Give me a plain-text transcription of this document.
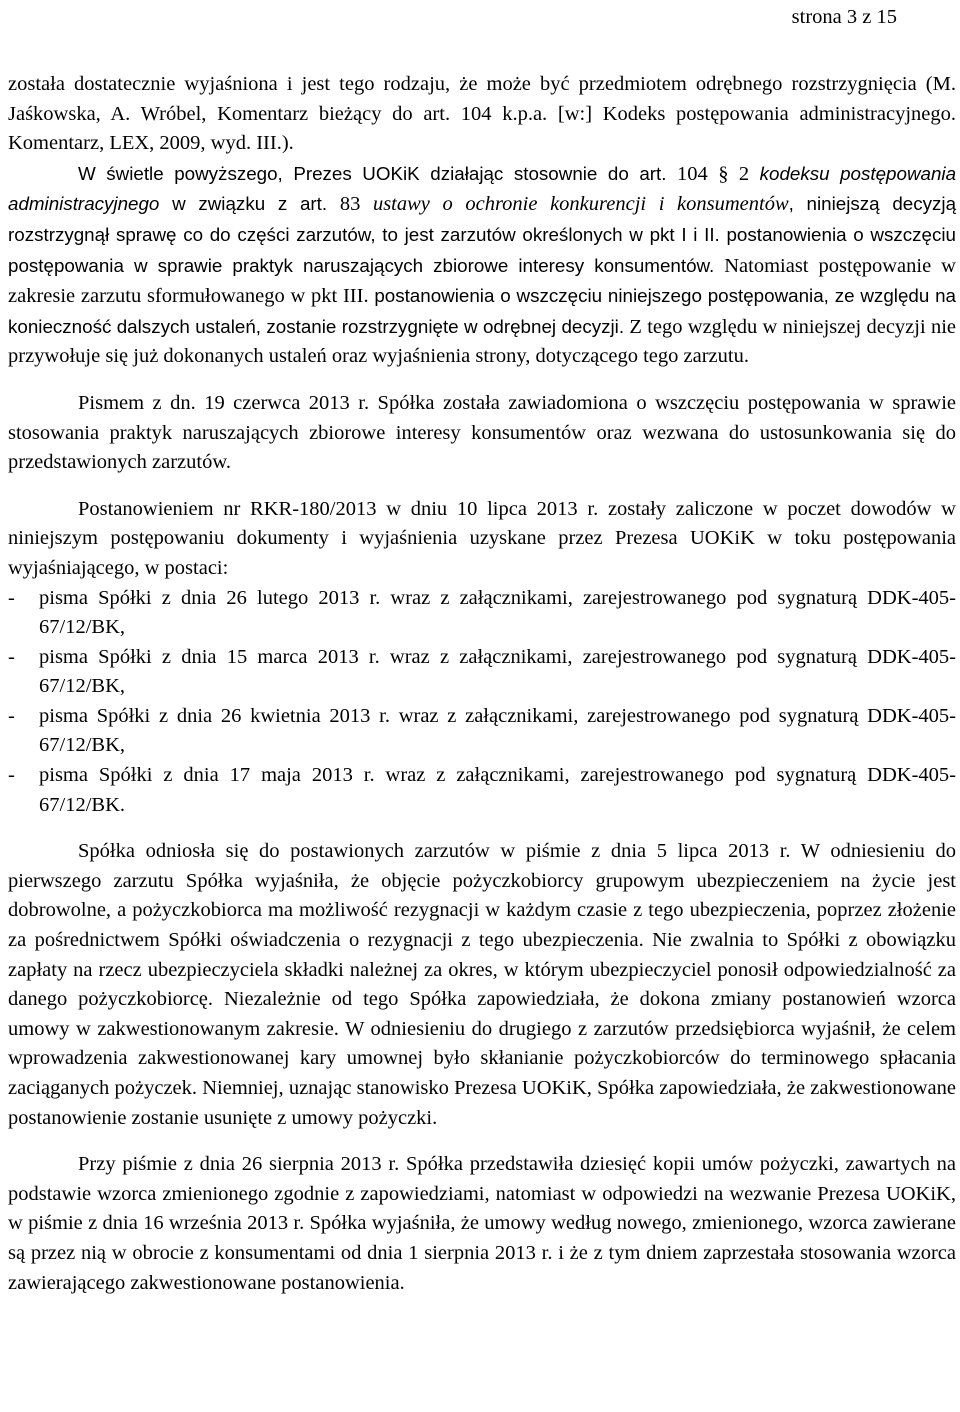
strona 3 z 15

została dostatecznie wyjaśniona i jest tego rodzaju, że może być przedmiotem odrębnego rozstrzygnięcia (M. Jaśkowska, A. Wróbel, Komentarz bieżący do art. 104 k.p.a. [w:] Kodeks postępowania administracyjnego. Komentarz, LEX, 2009, wyd. III.).

W świetle powyższego, Prezes UOKiK działając stosownie do art. 104 § 2 kodeksu postępowania administracyjnego w związku z art. 83 ustawy o ochronie konkurencji i konsumentów, niniejszą decyzją rozstrzygnął sprawę co do części zarzutów, to jest zarzutów określonych w pkt I i II. postanowienia o wszczęciu postępowania w sprawie praktyk naruszających zbiorowe interesy konsumentów. Natomiast postępowanie w zakresie zarzutu sformułowanego w pkt III. postanowienia o wszczęciu niniejszego postępowania, ze względu na konieczność dalszych ustaleń, zostanie rozstrzygnięte w odrębnej decyzji. Z tego względu w niniejszej decyzji nie przywołuje się już dokonanych ustaleń oraz wyjaśnienia strony, dotyczącego tego zarzutu.

Pismem z dn. 19 czerwca 2013 r. Spółka została zawiadomiona o wszczęciu postępowania w sprawie stosowania praktyk naruszających zbiorowe interesy konsumentów oraz wezwana do ustosunkowania się do przedstawionych zarzutów.

Postanowieniem nr RKR-180/2013 w dniu 10 lipca 2013 r. zostały zaliczone w poczet dowodów w niniejszym postępowaniu dokumenty i wyjaśnienia uzyskane przez Prezesa UOKiK w toku postępowania wyjaśniającego, w postaci:

-	pisma Spółki z dnia 26 lutego 2013 r. wraz z załącznikami, zarejestrowanego pod sygnaturą DDK-405-67/12/BK,
-	pisma Spółki z dnia 15 marca 2013 r. wraz z załącznikami, zarejestrowanego pod sygnaturą DDK-405-67/12/BK,
-	pisma Spółki z dnia 26 kwietnia 2013 r. wraz z załącznikami, zarejestrowanego pod sygnaturą DDK-405-67/12/BK,
-	pisma Spółki z dnia 17 maja 2013 r. wraz z załącznikami, zarejestrowanego pod sygnaturą DDK-405-67/12/BK.

Spółka odniosła się do postawionych zarzutów w piśmie z dnia 5 lipca 2013 r. W odniesieniu do pierwszego zarzutu Spółka wyjaśniła, że objęcie pożyczkobiorcy grupowym ubezpieczeniem na życie jest dobrowolne, a pożyczkobiorca ma możliwość rezygnacji w każdym czasie z tego ubezpieczenia, poprzez złożenie za pośrednictwem Spółki oświadczenia o rezygnacji z tego ubezpieczenia. Nie zwalnia to Spółki z obowiązku zapłaty na rzecz ubezpieczyciela składki należnej za okres, w którym ubezpieczyciel ponosił odpowiedzialność za danego pożyczkobiorcę. Niezależnie od tego Spółka zapowiedziała, że dokona zmiany postanowień wzorca umowy w zakwestionowanym zakresie. W odniesieniu do drugiego z zarzutów przedsiębiorca wyjaśnił, że celem wprowadzenia zakwestionowanej kary umownej było skłanianie pożyczkobiorców do terminowego spłacania zaciąganych pożyczek. Niemniej, uznając stanowisko Prezesa UOKiK, Spółka zapowiedziała, że zakwestionowane postanowienie zostanie usunięte z umowy pożyczki.

Przy piśmie z dnia 26 sierpnia 2013 r. Spółka przedstawiła dziesięć kopii umów pożyczki, zawartych na podstawie wzorca zmienionego zgodnie z zapowiedziami, natomiast w odpowiedzi na wezwanie Prezesa UOKiK, w piśmie z dnia 16 września 2013 r. Spółka wyjaśniła, że umowy według nowego, zmienionego, wzorca zawierane są przez nią w obrocie z konsumentami od dnia 1 sierpnia 2013 r. i że z tym dniem zaprzestała stosowania wzorca zawierającego zakwestionowane postanowienia.
